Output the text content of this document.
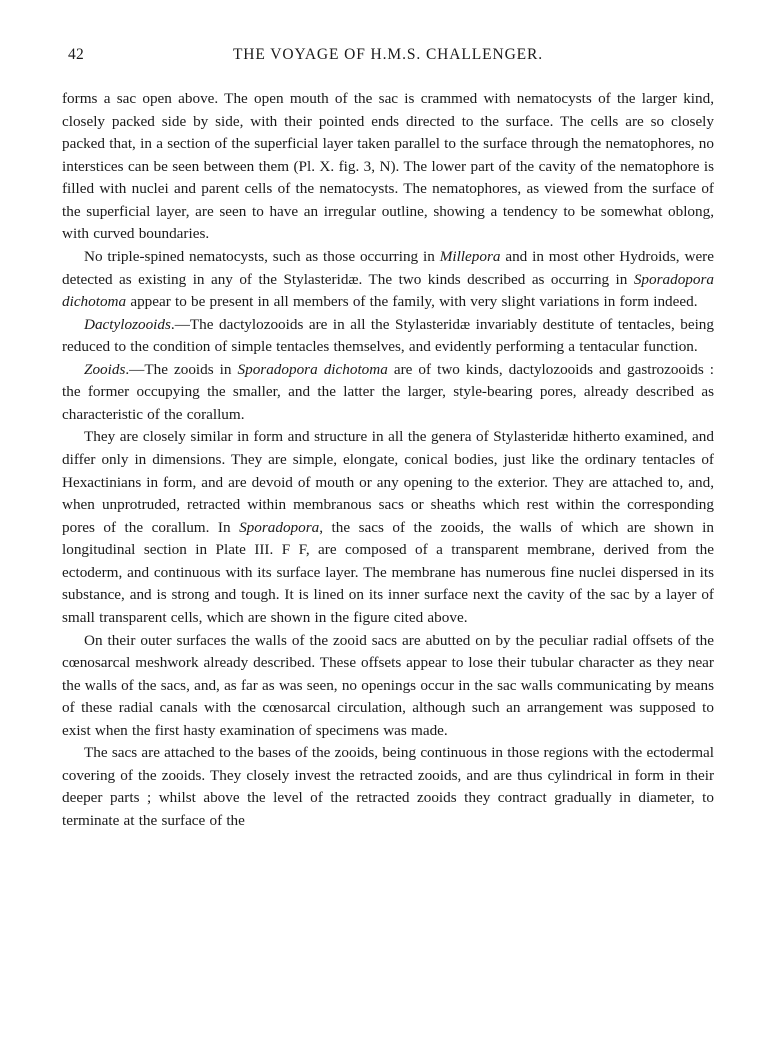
42	THE VOYAGE OF H.M.S. CHALLENGER.

forms a sac open above. The open mouth of the sac is crammed with nematocysts of the larger kind, closely packed side by side, with their pointed ends directed to the surface. The cells are so closely packed that, in a section of the superficial layer taken parallel to the surface through the nematophores, no interstices can be seen between them (Pl. X. fig. 3, N). The lower part of the cavity of the nematophore is filled with nuclei and parent cells of the nematocysts. The nematophores, as viewed from the surface of the superficial layer, are seen to have an irregular outline, showing a tendency to be somewhat oblong, with curved boundaries.

No triple-spined nematocysts, such as those occurring in Millepora and in most other Hydroids, were detected as existing in any of the Stylasteridæ. The two kinds described as occurring in Sporadopora dichotoma appear to be present in all members of the family, with very slight variations in form indeed.

Dactylozooids.—The dactylozooids are in all the Stylasteridæ invariably destitute of tentacles, being reduced to the condition of simple tentacles themselves, and evidently performing a tentacular function.

Zooids.—The zooids in Sporadopora dichotoma are of two kinds, dactylozooids and gastrozooids : the former occupying the smaller, and the latter the larger, style-bearing pores, already described as characteristic of the corallum.

They are closely similar in form and structure in all the genera of Stylasteridæ hitherto examined, and differ only in dimensions. They are simple, elongate, conical bodies, just like the ordinary tentacles of Hexactinians in form, and are devoid of mouth or any opening to the exterior. They are attached to, and, when unprotruded, retracted within membranous sacs or sheaths which rest within the corresponding pores of the corallum. In Sporadopora, the sacs of the zooids, the walls of which are shown in longitudinal section in Plate III. F F, are composed of a transparent membrane, derived from the ectoderm, and continuous with its surface layer. The membrane has numerous fine nuclei dispersed in its substance, and is strong and tough. It is lined on its inner surface next the cavity of the sac by a layer of small transparent cells, which are shown in the figure cited above.

On their outer surfaces the walls of the zooid sacs are abutted on by the peculiar radial offsets of the cœnosarcal meshwork already described. These offsets appear to lose their tubular character as they near the walls of the sacs, and, as far as was seen, no openings occur in the sac walls communicating by means of these radial canals with the cœnosarcal circulation, although such an arrangement was supposed to exist when the first hasty examination of specimens was made.

The sacs are attached to the bases of the zooids, being continuous in those regions with the ectodermal covering of the zooids. They closely invest the retracted zooids, and are thus cylindrical in form in their deeper parts ; whilst above the level of the retracted zooids they contract gradually in diameter, to terminate at the surface of the
